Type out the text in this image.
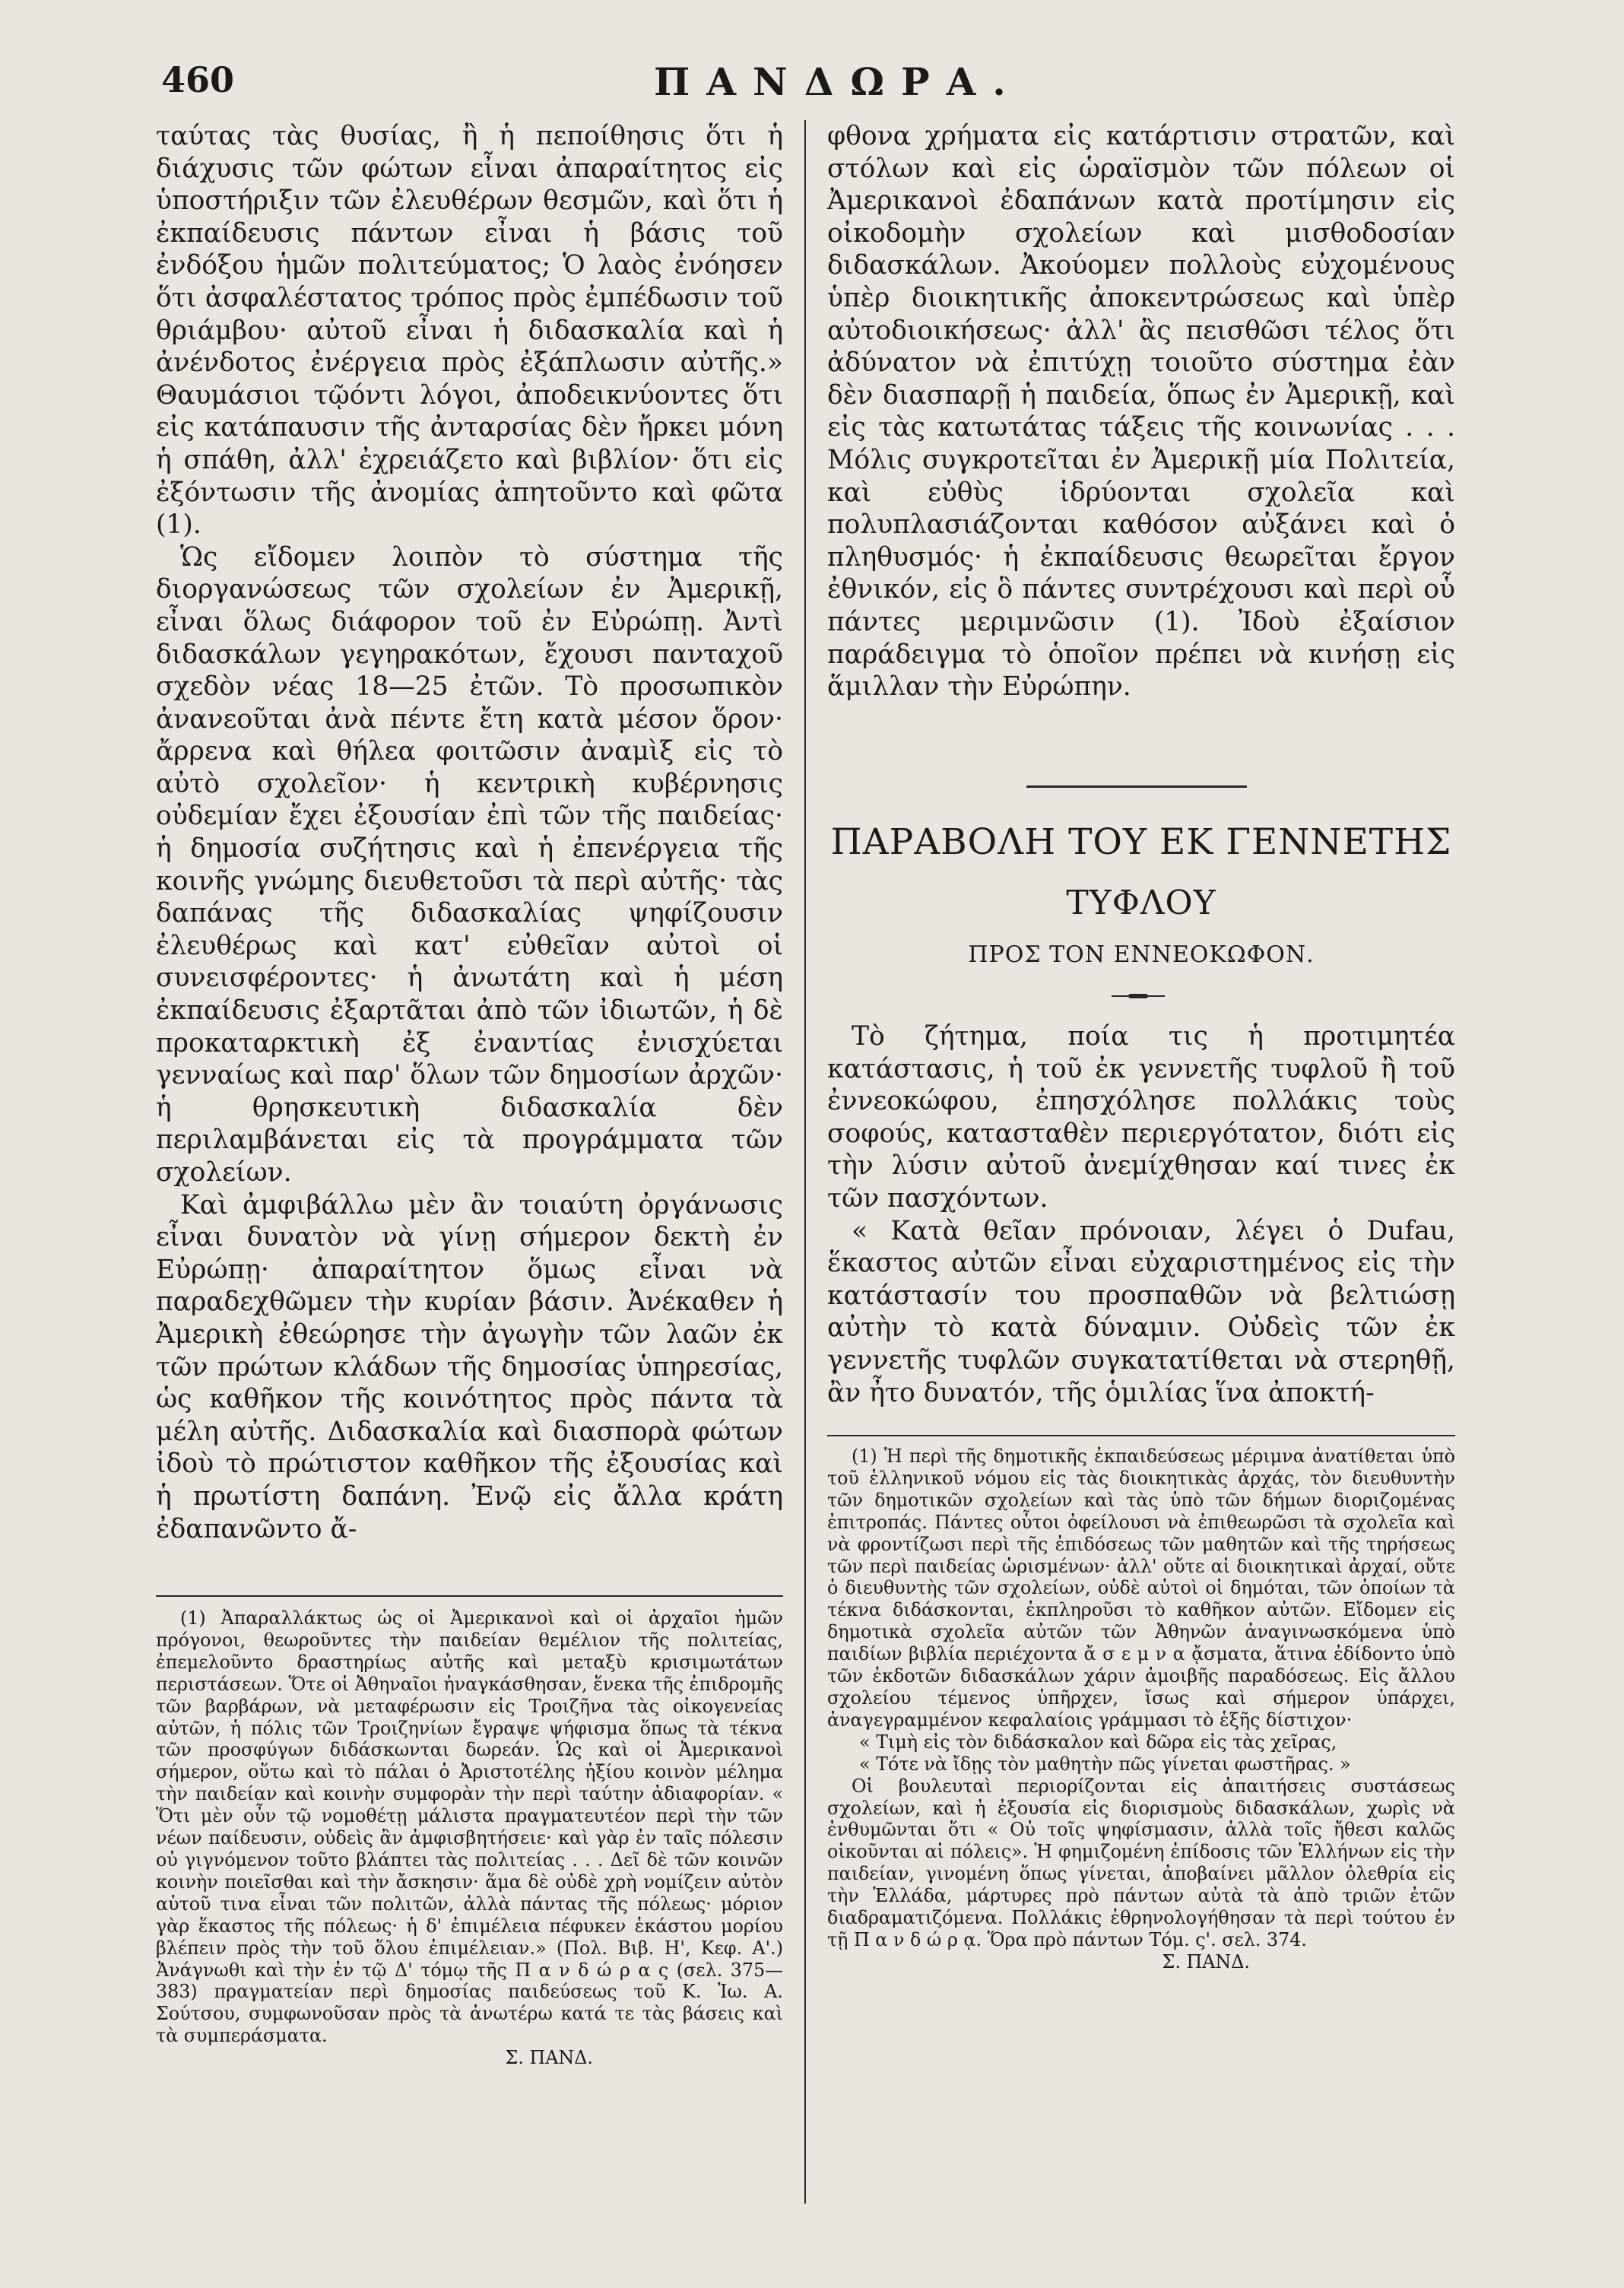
460	ΠΑΝΔΩΡΑ.

ταύτας τὰς θυσίας, ἢ ἡ πεποίθησις ὅτι ἡ διάχυσις τῶν φώτων εἶναι ἀπαραίτητος εἰς ὑποστήριξιν τῶν ἐλευθέρων θεσμῶν, καὶ ὅτι ἡ ἐκπαίδευσις πάντων εἶναι ἡ βάσις τοῦ ἐνδόξου ἡμῶν πολιτεύματος; Ὁ λαὸς ἐνόησεν ὅτι ἀσφαλέστατος τρόπος πρὸς ἐμπέδωσιν τοῦ θριάμβου· αὐτοῦ εἶναι ἡ διδασκαλία καὶ ἡ ἀνένδοτος ἐνέργεια πρὸς ἐξάπλωσιν αὐτῆς.» Θαυμάσιοι τῷόντι λόγοι, ἀποδεικνύοντες ὅτι εἰς κατάπαυσιν τῆς ἀνταρσίας δὲν ἤρκει μόνη ἡ σπάθη, ἀλλ' ἐχρειάζετο καὶ βιβλίον· ὅτι εἰς ἐξόντωσιν τῆς ἀνομίας ἀπητοῦντο καὶ φῶτα (1).

Ὡς εἴδομεν λοιπὸν τὸ σύστημα τῆς διοργανώσεως τῶν σχολείων ἐν Ἀμερικῇ, εἶναι ὅλως διάφορον τοῦ ἐν Εὐρώπῃ. Ἀντὶ διδασκάλων γεγηρακότων, ἔχουσι πανταχοῦ σχεδὸν νέας 18—25 ἐτῶν. Τὸ προσωπικὸν ἀνανεοῦται ἀνὰ πέντε ἔτη κατὰ μέσον ὅρον· ἄρρενα καὶ θήλεα φοιτῶσιν ἀναμὶξ εἰς τὸ αὐτὸ σχολεῖον· ἡ κεντρικὴ κυβέρνησις οὐδεμίαν ἔχει ἐξουσίαν ἐπὶ τῶν τῆς παιδείας· ἡ δημοσία συζήτησις καὶ ἡ ἐπενέργεια τῆς κοινῆς γνώμης διευθετοῦσι τὰ περὶ αὐτῆς· τὰς δαπάνας τῆς διδασκαλίας ψηφίζουσιν ἐλευθέρως καὶ κατ' εὐθεῖαν αὐτοὶ οἱ συνεισφέροντες· ἡ ἀνωτάτη καὶ ἡ μέση ἐκπαίδευσις ἐξαρτᾶται ἀπὸ τῶν ἰδιωτῶν, ἡ δὲ προκαταρκτικὴ ἐξ ἐναντίας ἐνισχύεται γενναίως καὶ παρ' ὅλων τῶν δημοσίων ἀρχῶν· ἡ θρησκευτικὴ διδασκαλία δὲν περιλαμβάνεται εἰς τὰ προγράμματα τῶν σχολείων.

Καὶ ἀμφιβάλλω μὲν ἂν τοιαύτη ὀργάνωσις εἶναι δυνατὸν νὰ γίνῃ σήμερον δεκτὴ ἐν Εὐρώπῃ· ἀπαραίτητον ὅμως εἶναι νὰ παραδεχθῶμεν τὴν κυρίαν βάσιν. Ἀνέκαθεν ἡ Ἀμερικὴ ἐθεώρησε τὴν ἀγωγὴν τῶν λαῶν ἐκ τῶν πρώτων κλάδων τῆς δημοσίας ὑπηρεσίας, ὡς καθῆκον τῆς κοινότητος πρὸς πάντα τὰ μέλη αὐτῆς. Διδασκαλία καὶ διασπορὰ φώτων ἰδοὺ τὸ πρώτιστον καθῆκον τῆς ἐξουσίας καὶ ἡ πρωτίστη δαπάνη. Ἐνῷ εἰς ἄλλα κράτη ἐδαπανῶντο ἄ-

(1) Ἀπαραλλάκτως ὡς οἱ Ἀμερικανοὶ καὶ οἱ ἀρχαῖοι ἡμῶν πρόγονοι, θεωροῦντες τὴν παιδείαν θεμέλιον τῆς πολιτείας, ἐπεμελοῦντο δραστηρίως αὐτῆς καὶ μεταξὺ κρισιμωτάτων περιστάσεων. Ὅτε οἱ Ἀθηναῖοι ἠναγκάσθησαν, ἕνεκα τῆς ἐπιδρομῆς τῶν βαρβάρων, νὰ μεταφέρωσιν εἰς Τροιζῆνα τὰς οἰκογενείας αὐτῶν, ἡ πόλις τῶν Τροιζηνίων ἔγραψε ψήφισμα ὅπως τὰ τέκνα τῶν προσφύγων διδάσκωνται δωρεάν. Ὡς καὶ οἱ Ἀμερικανοὶ σήμερον, οὕτω καὶ τὸ πάλαι ὁ Ἀριστοτέλης ἠξίου κοινὸν μέλημα τὴν παιδείαν καὶ κοινὴν συμφορὰν τὴν περὶ ταύτην ἀδιαφορίαν. « Ὅτι μὲν οὖν τῷ νομοθέτῃ μάλιστα πραγματευτέον περὶ τὴν τῶν νέων παίδευσιν, οὐδεὶς ἂν ἀμφισβητήσειε· καὶ γὰρ ἐν ταῖς πόλεσιν οὐ γιγνόμενον τοῦτο βλάπτει τὰς πολιτείας . . . Δεῖ δὲ τῶν κοινῶν κοινὴν ποιεῖσθαι καὶ τὴν ἄσκησιν· ἅμα δὲ οὐδὲ χρὴ νομίζειν αὐτὸν αὑτοῦ τινα εἶναι τῶν πολιτῶν, ἀλλὰ πάντας τῆς πόλεως· μόριον γὰρ ἕκαστος τῆς πόλεως· ἡ δ' ἐπιμέλεια πέφυκεν ἑκάστου μορίου βλέπειν πρὸς τὴν τοῦ ὅλου ἐπιμέλειαν.» (Πολ. Βιβ. Η', Κεφ. Α'.) Ἀνάγνωθι καὶ τὴν ἐν τῷ Δ' τόμῳ τῆς Π α ν δ ώ ρ α ς (σελ. 375—383) πραγματείαν περὶ δημοσίας παιδεύσεως τοῦ Κ. Ἰω. Α. Σούτσου, συμφωνοῦσαν πρὸς τὰ ἀνωτέρω κατά τε τὰς βάσεις καὶ τὰ συμπεράσματα.

Σ. ΠΑΝΔ.

φθονα χρήματα εἰς κατάρτισιν στρατῶν, καὶ στόλων καὶ εἰς ὡραϊσμὸν τῶν πόλεων οἱ Ἀμερικανοὶ ἐδαπάνων κατὰ προτίμησιν εἰς οἰκοδομὴν σχολείων καὶ μισθοδοσίαν διδασκάλων. Ἀκούομεν πολλοὺς εὐχομένους ὑπὲρ διοικητικῆς ἀποκεντρώσεως καὶ ὑπὲρ αὐτοδιοικήσεως· ἀλλ' ἂς πεισθῶσι τέλος ὅτι ἀδύνατον νὰ ἐπιτύχῃ τοιοῦτο σύστημα ἐὰν δὲν διασπαρῇ ἡ παιδεία, ὅπως ἐν Ἀμερικῇ, καὶ εἰς τὰς κατωτάτας τάξεις τῆς κοινωνίας . . . Μόλις συγκροτεῖται ἐν Ἀμερικῇ μία Πολιτεία, καὶ εὐθὺς ἱδρύονται σχολεῖα καὶ πολυπλασιάζονται καθόσον αὐξάνει καὶ ὁ πληθυσμός· ἡ ἐκπαίδευσις θεωρεῖται ἔργον ἐθνικόν, εἰς ὃ πάντες συντρέχουσι καὶ περὶ οὗ πάντες μεριμνῶσιν (1). Ἰδοὺ ἐξαίσιον παράδειγμα τὸ ὁποῖον πρέπει νὰ κινήσῃ εἰς ἅμιλλαν τὴν Εὐρώπην.

ΠΑΡΑΒΟΛΗ ΤΟΥ ΕΚ ΓΕΝΝΕΤΗΣ
ΤΥΦΛΟΥ
ΠΡΟΣ ΤΟΝ ΕΝΝΕΟΚΩΦΟΝ.

Τὸ ζήτημα, ποία τις ἡ προτιμητέα κατάστασις, ἡ τοῦ ἐκ γεννετῆς τυφλοῦ ἢ τοῦ ἐννεοκώφου, ἐπησχόλησε πολλάκις τοὺς σοφούς, κατασταθὲν περιεργότατον, διότι εἰς τὴν λύσιν αὐτοῦ ἀνεμίχθησαν καί τινες ἐκ τῶν πασχόντων.

« Κατὰ θεῖαν πρόνοιαν, λέγει ὁ Dufau, ἕκαστος αὐτῶν εἶναι εὐχαριστημένος εἰς τὴν κατάστασίν του προσπαθῶν νὰ βελτιώσῃ αὐτὴν τὸ κατὰ δύναμιν. Οὐδεὶς τῶν ἐκ γεννετῆς τυφλῶν συγκατατίθεται νὰ στερηθῇ, ἂν ἦτο δυνατόν, τῆς ὁμιλίας ἵνα ἀποκτή-

(1) Ἡ περὶ τῆς δημοτικῆς ἐκπαιδεύσεως μέριμνα ἀνατίθεται ὑπὸ τοῦ ἑλληνικοῦ νόμου εἰς τὰς διοικητικὰς ἀρχάς, τὸν διευθυντὴν τῶν δημοτικῶν σχολείων καὶ τὰς ὑπὸ τῶν δήμων διοριζομένας ἐπιτροπάς. Πάντες οὗτοι ὀφείλουσι νὰ ἐπιθεωρῶσι τὰ σχολεῖα καὶ νὰ φροντίζωσι περὶ τῆς ἐπιδόσεως τῶν μαθητῶν καὶ τῆς τηρήσεως τῶν περὶ παιδείας ὡρισμένων· ἀλλ' οὔτε αἱ διοικητικαὶ ἀρχαί, οὔτε ὁ διευθυντὴς τῶν σχολείων, οὐδὲ αὐτοὶ οἱ δημόται, τῶν ὁποίων τὰ τέκνα διδάσκονται, ἐκπληροῦσι τὸ καθῆκον αὐτῶν. Εἴδομεν εἰς δημοτικὰ σχολεῖα αὐτῶν τῶν Ἀθηνῶν ἀναγινωσκόμενα ὑπὸ παιδίων βιβλία περιέχοντα ἄ σ ε μ ν α ᾄσματα, ἅτινα ἐδίδοντο ὑπὸ τῶν ἐκδοτῶν διδασκάλων χάριν ἀμοιβῆς παραδόσεως. Εἰς ἄλλου σχολείου τέμενος ὑπῆρχεν, ἴσως καὶ σήμερον ὑπάρχει, ἀναγεγραμμένον κεφαλαίοις γράμμασι τὸ ἑξῆς δίστιχον·

« Τιμὴ εἰς τὸν διδάσκαλον καὶ δῶρα εἰς τὰς χεῖρας,

« Τότε νὰ ἴδῃς τὸν μαθητὴν πῶς γίνεται φωστῆρας. »

Οἱ βουλευταὶ περιορίζονται εἰς ἀπαιτήσεις συστάσεως σχολείων, καὶ ἡ ἐξουσία εἰς διορισμοὺς διδασκάλων, χωρὶς νὰ ἐνθυμῶνται ὅτι « Οὐ τοῖς ψηφίσμασιν, ἀλλὰ τοῖς ἤθεσι καλῶς οἰκοῦνται αἱ πόλεις». Ἡ φημιζομένη ἐπίδοσις τῶν Ἑλλήνων εἰς τὴν παιδείαν, γινομένη ὅπως γίνεται, ἀποβαίνει μᾶλλον ὀλεθρία εἰς τὴν Ἑλλάδα, μάρτυρες πρὸ πάντων αὐτὰ τὰ ἀπὸ τριῶν ἐτῶν διαδραματιζόμενα. Πολλάκις ἐθρηνολογήθησαν τὰ περὶ τούτου ἐν τῇ Π α ν δ ώ ρ ᾳ. Ὅρα πρὸ πάντων Τόμ. ς'. σελ. 374.

Σ. ΠΑΝΔ.
